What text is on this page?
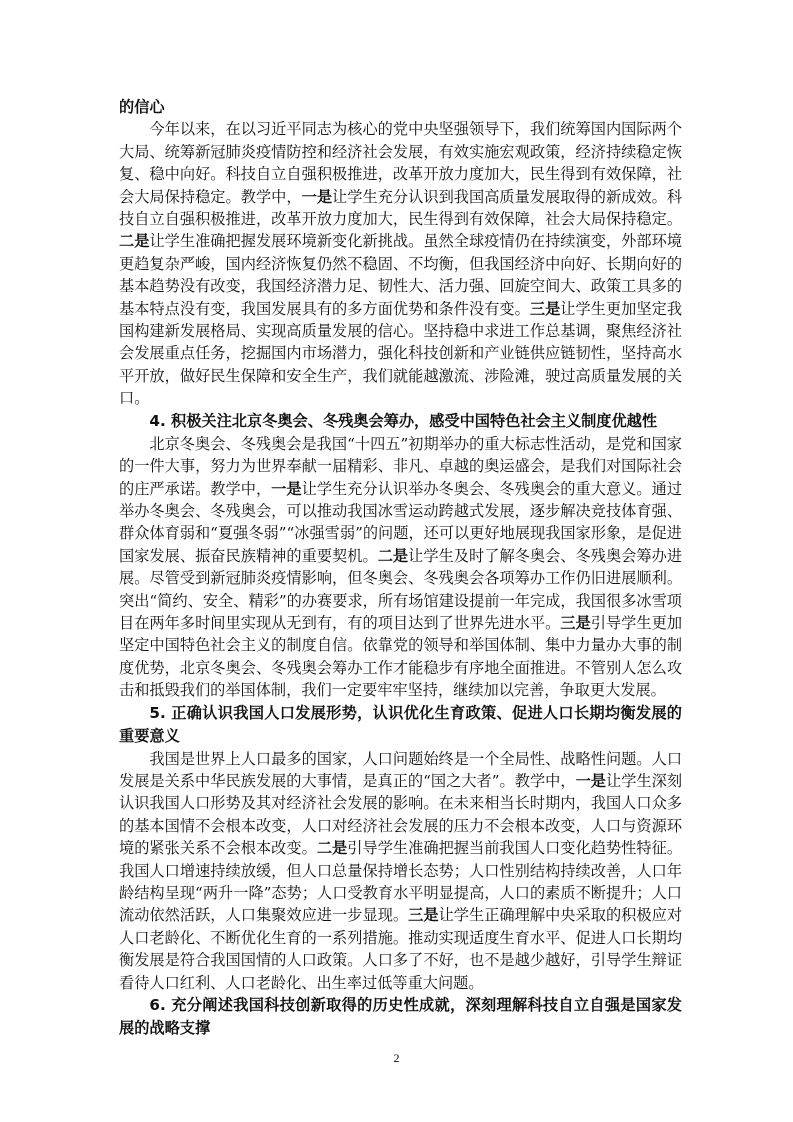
的信心

今年以来，在以习近平同志为核心的党中央坚强领导下，我们统筹国内国际两个大局、统筹新冠肺炎疫情防控和经济社会发展，有效实施宏观政策，经济持续稳定恢复、稳中向好。科技自立自强积极推进，改革开放力度加大，民生得到有效保障，社会大局保持稳定。教学中，一是让学生充分认识到我国高质量发展取得的新成效。科技自立自强积极推进，改革开放力度加大，民生得到有效保障，社会大局保持稳定。二是让学生准确把握发展环境新变化新挑战。虽然全球疫情仍在持续演变，外部环境更趋复杂严峻，国内经济恢复仍然不稳固、不均衡，但我国经济中向好、长期向好的基本趋势没有改变，我国经济潜力足、韧性大、活力强、回旋空间大、政策工具多的基本特点没有变，我国发展具有的多方面优势和条件没有变。三是让学生更加坚定我国构建新发展格局、实现高质量发展的信心。坚持稳中求进工作总基调，聚焦经济社会发展重点任务，挖掘国内市场潜力，强化科技创新和产业链供应链韧性，坚持高水平开放，做好民生保障和安全生产，我们就能越激流、涉险滩，驶过高质量发展的关口。

4. 积极关注北京冬奥会、冬残奥会筹办，感受中国特色社会主义制度优越性

北京冬奥会、冬残奥会是我国“十四五”初期举办的重大标志性活动，是党和国家的一件大事，努力为世界奉献一届精彩、非凡、卓越的奥运盛会，是我们对国际社会的庄严承诺。教学中，一是让学生充分认识举办冬奥会、冬残奥会的重大意义。通过举办冬奥会、冬残奥会，可以推动我国冰雪运动跨越式发展，逐步解决竞技体育强、群众体育弱和“夏强冬弱”“冰强雪弱”的问题，还可以更好地展现我国家形象，是促进国家发展、振奋民族精神的重要契机。二是让学生及时了解冬奥会、冬残奥会筹办进展。尽管受到新冠肺炎疫情影响，但冬奥会、冬残奥会各项筹办工作仍旧进展顺利。突出“简约、安全、精彩”的办赛要求，所有场馆建设提前一年完成，我国很多冰雪项目在两年多时间里实现从无到有，有的项目达到了世界先进水平。三是引导学生更加坚定中国特色社会主义的制度自信。依靠党的领导和举国体制、集中力量办大事的制度优势，北京冬奥会、冬残奥会筹办工作才能稳步有序地全面推进。不管别人怎么攻击和抵毁我们的举国体制，我们一定要牢牢坚持，继续加以完善，争取更大发展。

5. 正确认识我国人口发展形势，认识优化生育政策、促进人口长期均衡发展的重要意义

我国是世界上人口最多的国家，人口问题始终是一个全局性、战略性问题。人口发展是关系中华民族发展的大事情，是真正的“国之大者”。教学中，一是让学生深刻认识我国人口形势及其对经济社会发展的影响。在未来相当长时期内，我国人口众多的基本国情不会根本改变，人口对经济社会发展的压力不会根本改变，人口与资源环境的紧张关系不会根本改变。二是引导学生准确把握当前我国人口变化趋势性特征。我国人口增速持续放缓，但人口总量保持增长态势；人口性别结构持续改善，人口年龄结构呈现“两升一降”态势；人口受教育水平明显提高，人口的素质不断提升；人口流动依然活跃，人口集聚效应进一步显现。三是让学生正确理解中央采取的积极应对人口老龄化、不断优化生育的一系列措施。推动实现适度生育水平、促进人口长期均衡发展是符合我国国情的人口政策。人口多了不好，也不是越少越好，引导学生辩证看待人口红利、人口老龄化、出生率过低等重大问题。

6. 充分阐述我国科技创新取得的历史性成就，深刻理解科技自立自强是国家发展的战略支撑

2
